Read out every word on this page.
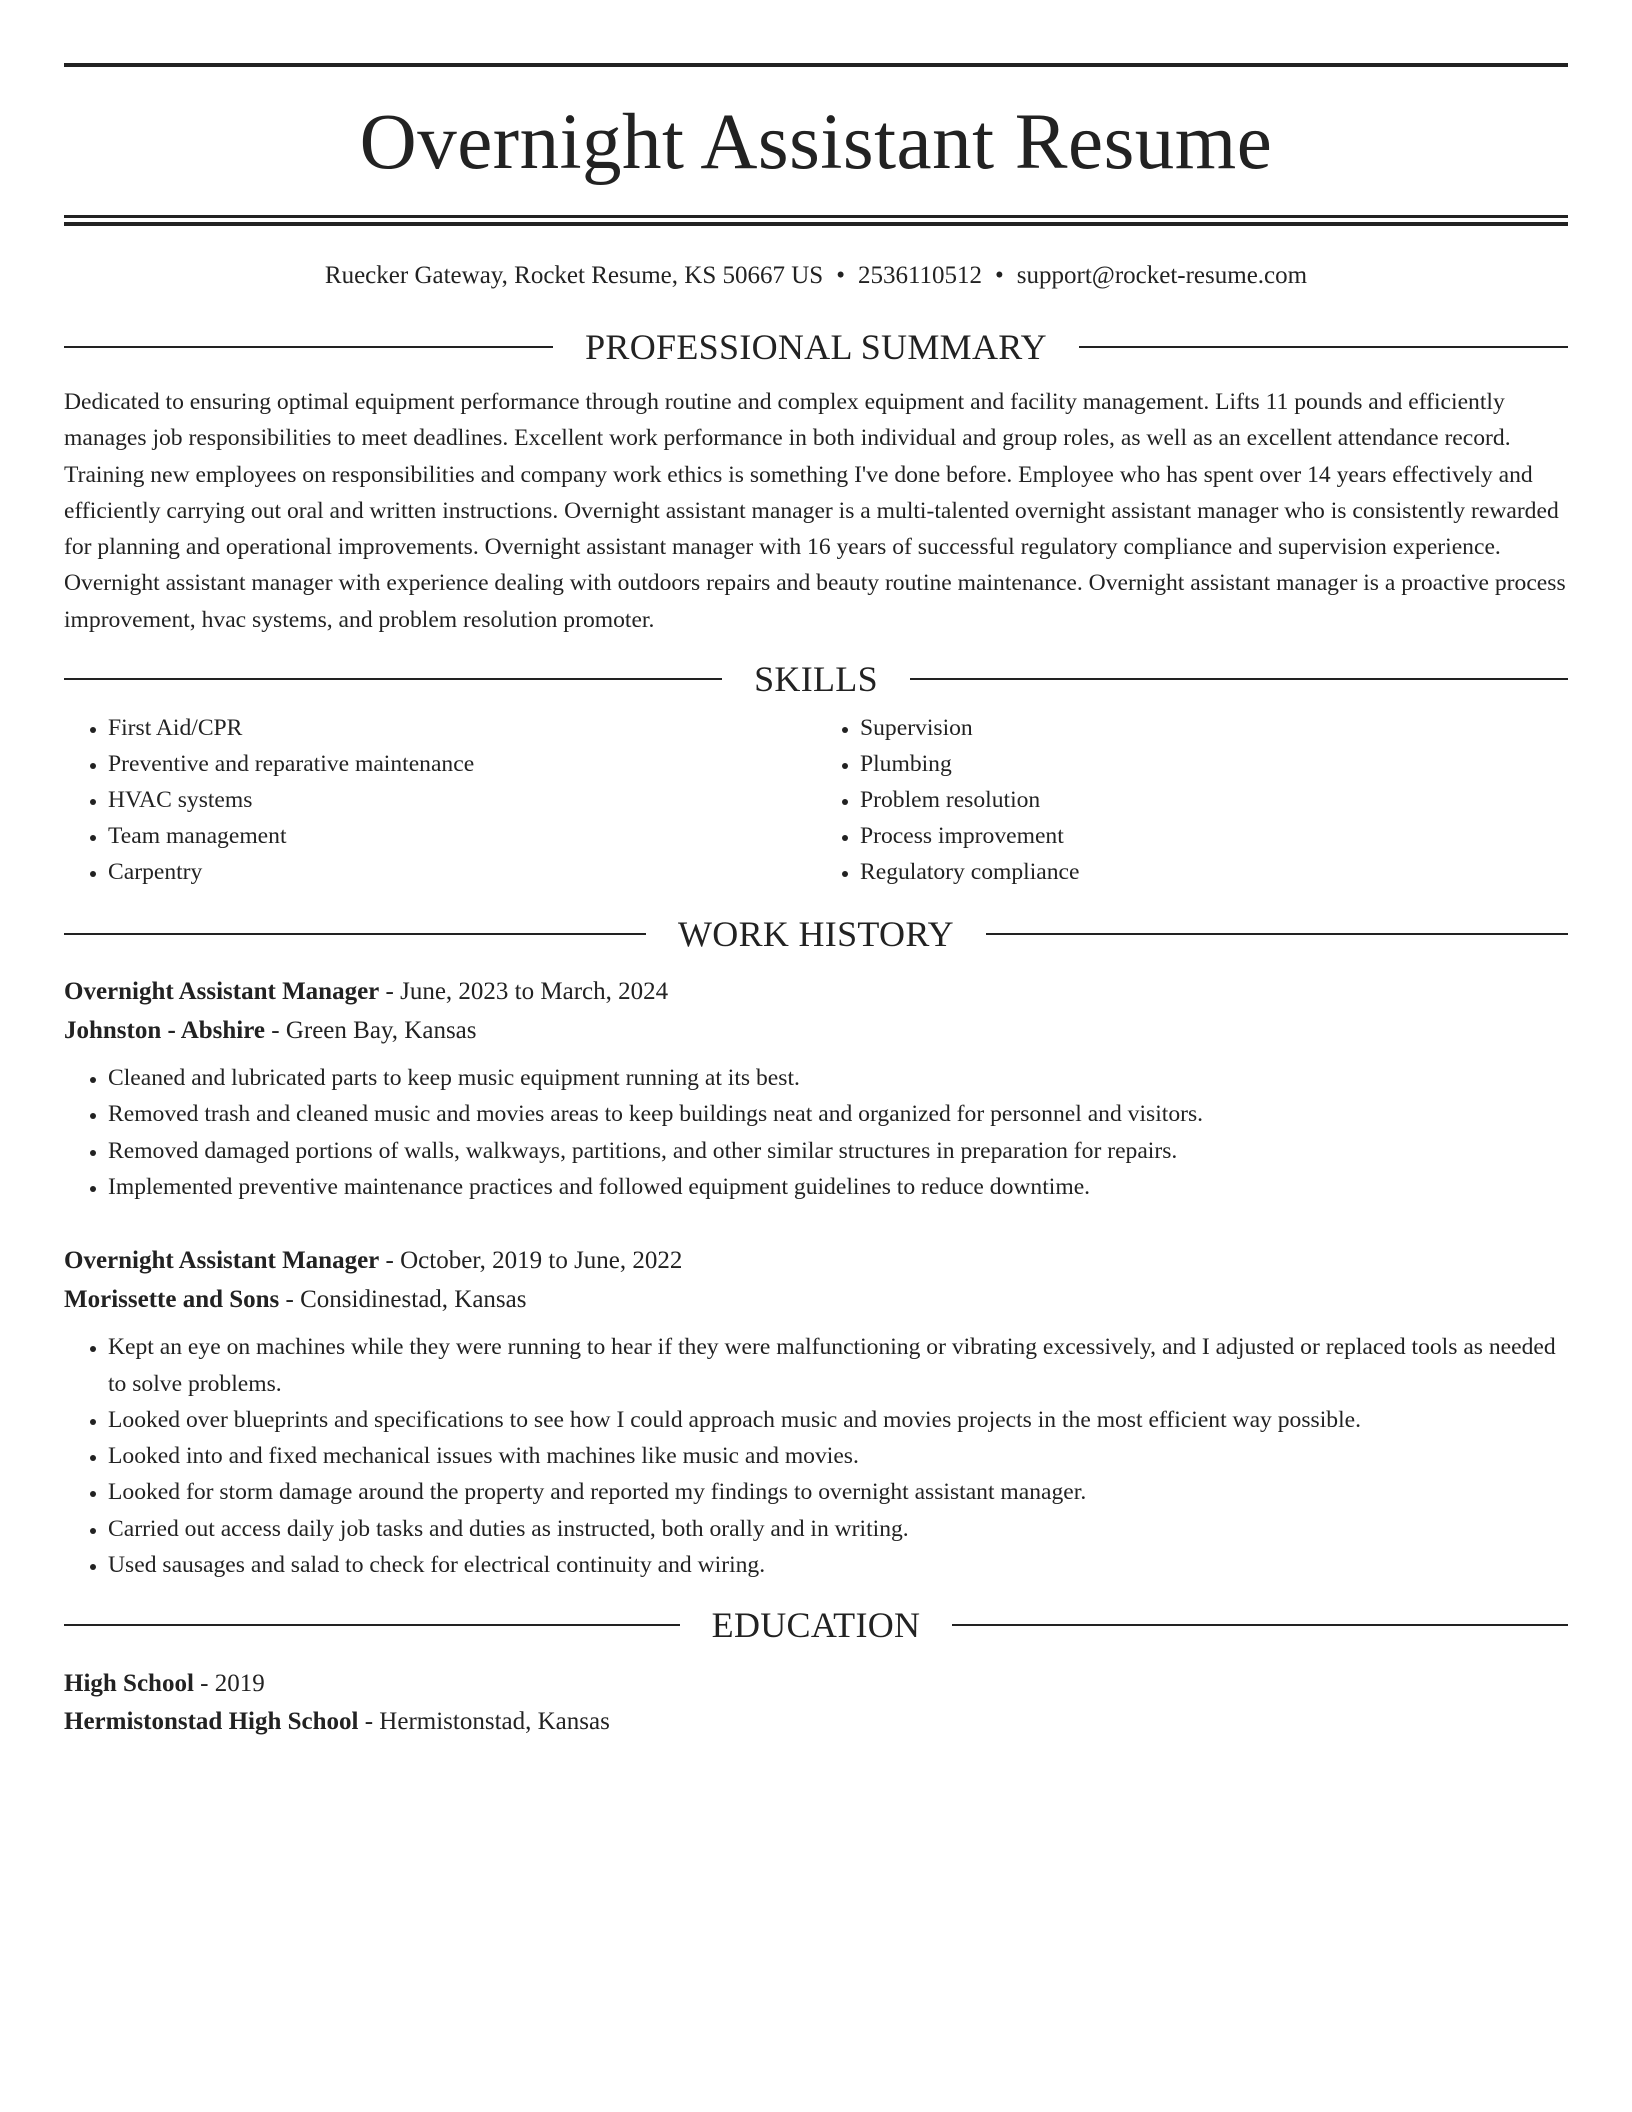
Overnight Assistant Resume
Ruecker Gateway, Rocket Resume, KS 50667 US • 2536110512 • support@rocket-resume.com
PROFESSIONAL SUMMARY

Dedicated to ensuring optimal equipment performance through routine and complex equipment and facility management. Lifts 11 pounds and efficiently manages job responsibilities to meet deadlines. Excellent work performance in both individual and group roles, as well as an excellent attendance record. Training new employees on responsibilities and company work ethics is something I've done before. Employee who has spent over 14 years effectively and efficiently carrying out oral and written instructions. Overnight assistant manager is a multi-talented overnight assistant manager who is consistently rewarded for planning and operational improvements. Overnight assistant manager with 16 years of successful regulatory compliance and supervision experience. Overnight assistant manager with experience dealing with outdoors repairs and beauty routine maintenance. Overnight assistant manager is a proactive process improvement, hvac systems, and problem resolution promoter.

SKILLS
• First Aid/CPR
• Preventive and reparative maintenance
• HVAC systems
• Team management
• Carpentry
• Supervision
• Plumbing
• Problem resolution
• Process improvement
• Regulatory compliance
WORK HISTORY
Overnight Assistant Manager - June, 2023 to March, 2024
Johnston - Abshire - Green Bay, Kansas
• Cleaned and lubricated parts to keep music equipment running at its best.
• Removed trash and cleaned music and movies areas to keep buildings neat and organized for personnel and visitors.
• Removed damaged portions of walls, walkways, partitions, and other similar structures in preparation for repairs.
• Implemented preventive maintenance practices and followed equipment guidelines to reduce downtime.
Overnight Assistant Manager - October, 2019 to June, 2022
Morissette and Sons - Considinestad, Kansas
• Kept an eye on machines while they were running to hear if they were malfunctioning or vibrating excessively, and I adjusted or replaced tools as needed to solve problems.
• Looked over blueprints and specifications to see how I could approach music and movies projects in the most efficient way possible.
• Looked into and fixed mechanical issues with machines like music and movies.
• Looked for storm damage around the property and reported my findings to overnight assistant manager.
• Carried out access daily job tasks and duties as instructed, both orally and in writing.
• Used sausages and salad to check for electrical continuity and wiring.
EDUCATION
High School - 2019
Hermistonstad High School - Hermistonstad, Kansas
